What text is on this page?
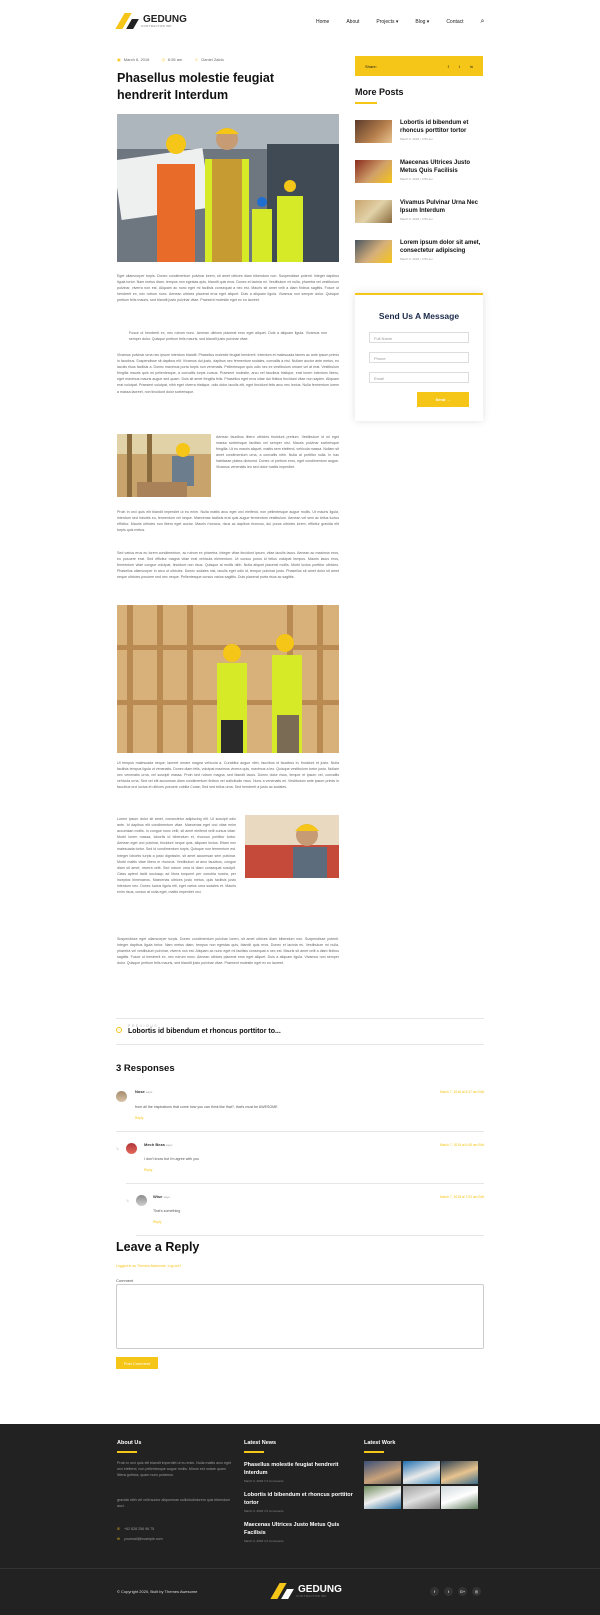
GEDUNG
CONTRACTOR WP
Home	About	Projects ▾	Blog ▾	Contact ⌕
▣ March 6, 2018	◷ 6:55 am	☺ Daniel Zaldo
Phasellus molestie feugiat hendrerit Interdum

Eget ullamcorper turpis. Donec condimentum pulvinar lorem, sit amet ultrices diam bibendum non. Suspendisse potenti. Integer dapibus ligula tortor. Nam metus diam, tempus non egestas quis, blandit quis eros. Donec et lacinia mi. Vestibulum mi nulla, pharetra vel vestibulum pulvinar, viverra non est. Aliquam ac nunc eget mi facilisis consequat a nec est. Mauris sit amet velit a diam finibus sagittis. Fusce ut hendrerit ex, nec rutrum nunc. Aenean ultrices placerat eros eget aliquet. Duis a aliquam ligula. Vivamus non semper dolor. Quisque pretium felis mauris, sed blandit justo pulvinar vitae. Praesent molestie eget ex eu laoreet.

Fusce ut hendrerit ex, nec rutrum nunc. Aenean ultrices placerat eros eget aliquet. Duis a aliquam ligula. Vivamus non semper dolor. Quisque pretium felis mauris, sed blandit justo pulvinar vitae.

Vivamus pulvinar urna nec ipsum interdum blandit. Phasellus molestie feugiat hendrerit. Interdum et malesuada fames ac ante ipsum primis in faucibus. Suspendisse sit dapibus elit. Vivamus dui justo, dapibus nec fermentum sodales, convallis a nisl. Nullam auctor ante metus, eu iaculis risus facilisis a. Donec maximus porta turpis non venenatis. Pellentesque quis odio nec ex vestibulum ornare vel at erat. Vestibulum fringilla mauris quis mi pellentesque, a convallis turpis cursus. Praesent molestie, arcu vel faucibus tristique, erat lorem interdum libero, eget maximus mauris augue sed quam. Duis sit amet fringilla felis. Phasellus eget eros vitae dui finibus tincidunt vitae non sapien. Aliquam erat volutpat. Praesent volutpat, nibh eget viverra tristique, odio dolor iaculis elit, eget tincidunt felis arcu nec lectus. Nulla fermentum lorem a massa laoreet, non tincidunt dolor scelerisque.

Aenean faucibus libero ultricies tincidunt pretium. Vestibulum id mi eget massa scelerisque facilisis vel semper nisi. Mauris pulvinar scelerisque fringilla. Ut eu mauris aliquet, mattis sem eleifend, vehicula massa. Nullam sit amet condimentum urna, a convallis nibh. Nulla at porttitor nulla. In hac habitasse platea dictumst. Donec ut pretium eros, eget condimentum augue. Vivamus venenatis leo sed dolor mattis imperdiet.

Proin in orci quis elit blandit imperdiet ut eu enim. Nulla mattis arcu eget orci eleifend, non pellentesque augue mollis. Ut mauris ligula, interdum sed lobortis eu, fermentum vel neque. Maecenas facilisis erat quis augue fermentum vestibulum. Aenean vel sem ac tellus luctus efficitur. Mauris ultricies non libero eget auctor. Mauris rhoncus, risus ac dapibus rhoncus, dui purus ultricies lorem, efficitur gravida elit turpis quis metus.

Sed varius eros eu lorem condimentum, ac rutrum ex pharetra. Integer vitae tincidunt ipsum, vitae iaculis lacus. Aenean ac maximus eros, eu posuere erat. Sed efficitur magna vitae erat vehicula elementum. Ut cursus purus id tellus volutpat tempus. Mauris lacus eros, fermentum vitae congue volutpat, tincidunt non risus. Quisque at mollis nibh. Nulla aliquet placerat mollis. Morbi luctus porttitor ultricies. Phasellus ullamcorper in arcu ut ultricies. Donec sodales nisi, iaculis eget odio id, tempor pulvinar justo. Phasellus sit amet dolor sit amet neque ultricies posuere sed nec neque. Pellentesque cursus varius sagittis. Duis placerat porta risus ac sagittis.

Ut tempus malesuada neque, laoreet ornare magna vehicula a. Curabitur augue nibh, faucibus id faucibus in, tincidunt et justo. Nulla facilisis tempus ligula ut venenatis. Donec diam felis, volutpat maximus viverra quis, maximus a leo. Quisque vestibulum tortor justo. Nullam nec venenatis urna, vel suscipit massa. Proin sed rutrum magna, sed blandit lacus. Donec dolor risus, tempor et ipsum vel, convallis vehicula urna. Sed vel elit accumsan diam condimentum finibus vel sollicitudin risus. Nunc a venenatis mi. Vestibulum ante ipsum primis in faucibus orci luctus et ultrices posuere cubilia Curae; Sed sed tellus urna. Sed hendrerit a justo ac sodales.

Lorem ipsum dolor sit amet, consectetur adipiscing elit. Ut suscipit odio ante. Id dapibus elit condimentum vitae. Maecenas eget orci vitae enim accumsan mollis. In congue nunc velit, sit amet eleifend velit cursus vitae. Morbi lorem massa, lobortis id bibendum et, rhoncus porttitor tortor. Aenean eget orci pulvinar, tincidunt neque quis, aliquam lectus. Etiam nec malesuada tortor. Sed id condimentum turpis. Quisque non fermentum est. Integer lobortis turpis a justo dignissim, sit amet accumsan sem pulvinar. Morbi mattis vitae libero in rhoncus. Vestibulum at arcu faucibus, congue diam sit amet, viverra velit. Sed rutrum urna id diam consequat suscipit. Class aptent taciti sociosqu ad litora torquent per conubia nostra, per inceptos himenaeos. Maecenas ultrices justo metus, quis facilisis justo interdum nec. Donec luctus ligula elit, eget varius urna sodales et. Mauris enim risus, cursus at nulla eget, mattis imperdiet orci.

Suspendisse eget ullamcorper turpis. Donec condimentum pulvinar lorem, sit amet ultrices diam bibendum non. Suspendisse potenti. Integer dapibus ligula tortor. Nam metus diam, tempus non egestas quis, blandit quis eros. Donec et lacinia mi. Vestibulum mi nulla, pharetra vel vestibulum pulvinar, viverra non est. Aliquam ac nunc eget mi facilisis consequat a nec est. Mauris sit amet velit a diam finibus sagittis. Fusce ut hendrerit ex, nec rutrum nunc. Aenean ultrices placerat eros eget aliquet. Duis a aliquam ligula. Vivamus non semper dolor. Quisque pretium felis mauris, sed blandit justo pulvinar vitae. Praesent molestie eget ex eu laoreet.

Share:	f	t	in
More Posts
Lobortis id bibendum et rhoncus porttitor tortor
March 6, 2018 • 6:55 am
Maecenas Ultrices Justo Metus Quis Facilisis
March 6, 2018 • 6:55 am
Vivamus Pulvinar Urna Nec Ipsum Interdum
March 6, 2018 • 6:55 am
Lorem ipsum dolor sit amet, consectetur adipiscing
March 6, 2018 • 6:55 am
Send Us A Message
Full Name
Phone
Email
Send →
‹
PREVIOUS
Lobortis id bibendum et rhoncus porttitor to...
3 Responses
Nose says:	March 7, 2018 at 6:47 am Edit
from all the inspirations that come how you can think like that?, that's must be AWESOME
Reply
↳
Mech Beza says:	March 7, 2018 at 6:48 am Edit
I don't know but i'm agree with you
Reply
↳
Wise says:	March 7, 2018 at 7:00 am Edit
That's something
Reply
Leave a Reply
Logged in as Themes Awesome. Log out?
Comment
Post Comment
About Us

Proin in orci quis elit blandit imperdiet ut eu enim. Nulla mattis arcu eget orci eleifend, non pellentesque augue mollis. Mirum est notare quam littera gothica, quam nunc putamus.

gravida nibh vel velit auctor aliquenean sollicitudinlorem quis bibendum auci.

✆ +62 828 256 96 75
✉ yourmail@example.com
Latest News
Phasellus molestie feugiat hendrerit Interdum
March 6, 2018 // 3 Comments
Lobortis id bibendum et rhoncus porttitor tortor
March 6, 2018 // 0 Comments
Maecenas Ultrices Justo Metus Quis Facilisis
March 6, 2018 // 0 Comments
Latest Work
© Copyright 2020, Built by Themes Awesome	GEDUNG
CONTRACTOR WP
f	t	G+	◎
